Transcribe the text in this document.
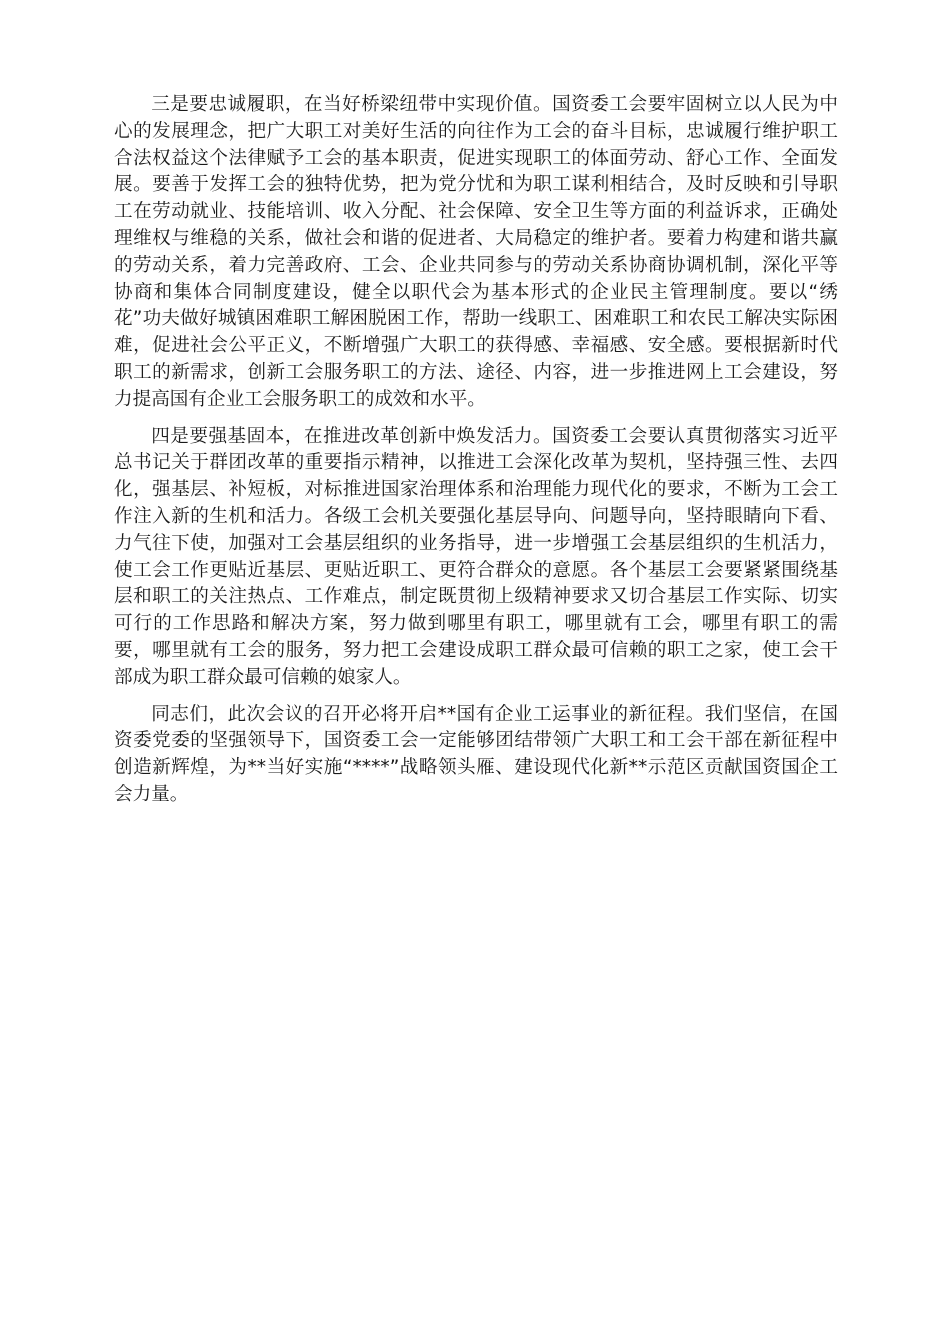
三是要忠诚履职，在当好桥梁纽带中实现价值。国资委工会要牢固树立以人民为中心的发展理念，把广大职工对美好生活的向往作为工会的奋斗目标，忠诚履行维护职工合法权益这个法律赋予工会的基本职责，促进实现职工的体面劳动、舒心工作、全面发展。要善于发挥工会的独特优势，把为党分忧和为职工谋利相结合，及时反映和引导职工在劳动就业、技能培训、收入分配、社会保障、安全卫生等方面的利益诉求，正确处理维权与维稳的关系，做社会和谐的促进者、大局稳定的维护者。要着力构建和谐共赢的劳动关系，着力完善政府、工会、企业共同参与的劳动关系协商协调机制，深化平等协商和集体合同制度建设，健全以职代会为基本形式的企业民主管理制度。要以“绣花”功夫做好城镇困难职工解困脱困工作，帮助一线职工、困难职工和农民工解决实际困难，促进社会公平正义，不断增强广大职工的获得感、幸福感、安全感。要根据新时代职工的新需求，创新工会服务职工的方法、途径、内容，进一步推进网上工会建设，努力提高国有企业工会服务职工的成效和水平。

四是要强基固本，在推进改革创新中焕发活力。国资委工会要认真贯彻落实习近平总书记关于群团改革的重要指示精神，以推进工会深化改革为契机，坚持强三性、去四化，强基层、补短板，对标推进国家治理体系和治理能力现代化的要求，不断为工会工作注入新的生机和活力。各级工会机关要强化基层导向、问题导向，坚持眼睛向下看、力气往下使，加强对工会基层组织的业务指导，进一步增强工会基层组织的生机活力，使工会工作更贴近基层、更贴近职工、更符合群众的意愿。各个基层工会要紧紧围绕基层和职工的关注热点、工作难点，制定既贯彻上级精神要求又切合基层工作实际、切实可行的工作思路和解决方案，努力做到哪里有职工，哪里就有工会，哪里有职工的需要，哪里就有工会的服务，努力把工会建设成职工群众最可信赖的职工之家，使工会干部成为职工群众最可信赖的娘家人。

同志们，此次会议的召开必将开启**国有企业工运事业的新征程。我们坚信，在国资委党委的坚强领导下，国资委工会一定能够团结带领广大职工和工会干部在新征程中创造新辉煌，为**当好实施“****”战略领头雁、建设现代化新**示范区贡献国资国企工会力量。
